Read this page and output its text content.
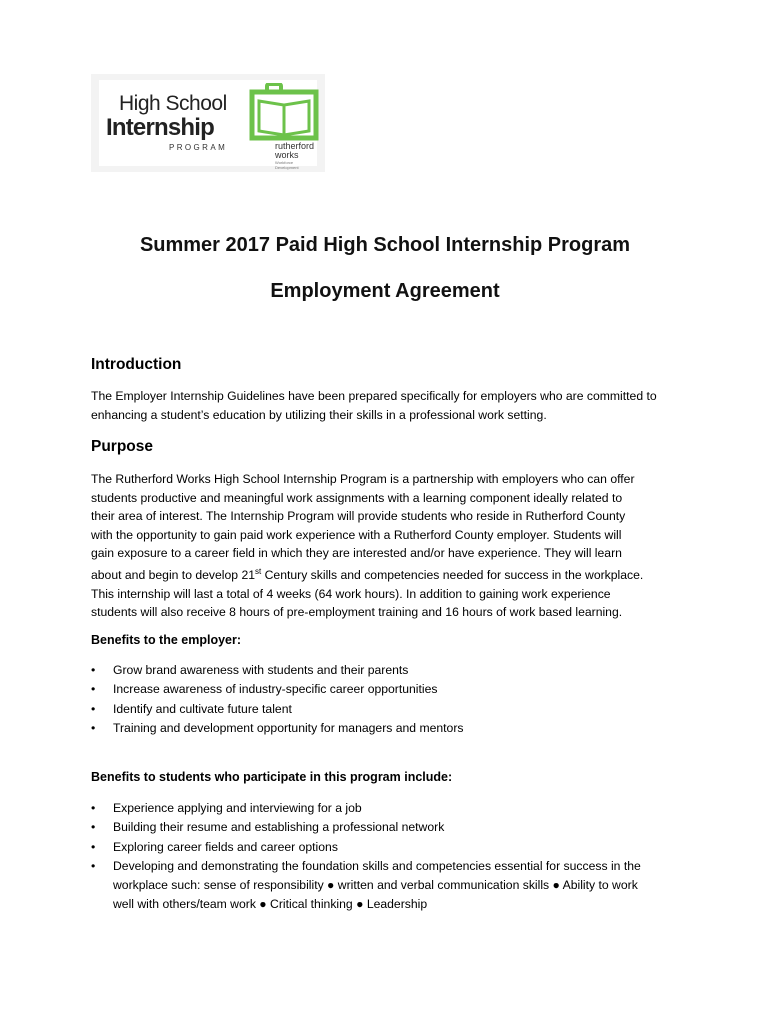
High School
Internship
PROGRAM	rutherford
works
Workforce Development
Summer 2017 Paid High School Internship Program
Employment Agreement
Introduction

The Employer Internship Guidelines have been prepared specifically for employers who are committed to

enhancing a student’s education by utilizing their skills in a professional work setting.

Purpose

The Rutherford Works High School Internship Program is a partnership with employers who can offer

students productive and meaningful work assignments with a learning component ideally related to

their area of interest. The Internship Program will provide students who reside in Rutherford County

with the opportunity to gain paid work experience with a Rutherford County employer. Students will

gain exposure to a career field in which they are interested and/or have experience. They will learn

about and begin to develop 21st Century skills and competencies needed for success in the workplace.

This internship will last a total of 4 weeks (64 work hours). In addition to gaining work experience

students will also receive 8 hours of pre-employment training and 16 hours of work based learning.

Benefits to the employer:
• Grow brand awareness with students and their parents
• Increase awareness of industry-specific career opportunities
• Identify and cultivate future talent
• Training and development opportunity for managers and mentors
Benefits to students who participate in this program include:
• Experience applying and interviewing for a job
• Building their resume and establishing a professional network
• Exploring career fields and career options
• Developing and demonstrating the foundation skills and competencies essential for success in the
workplace such: sense of responsibility ● written and verbal communication skills ● Ability to work
well with others/team work ● Critical thinking ● Leadership
